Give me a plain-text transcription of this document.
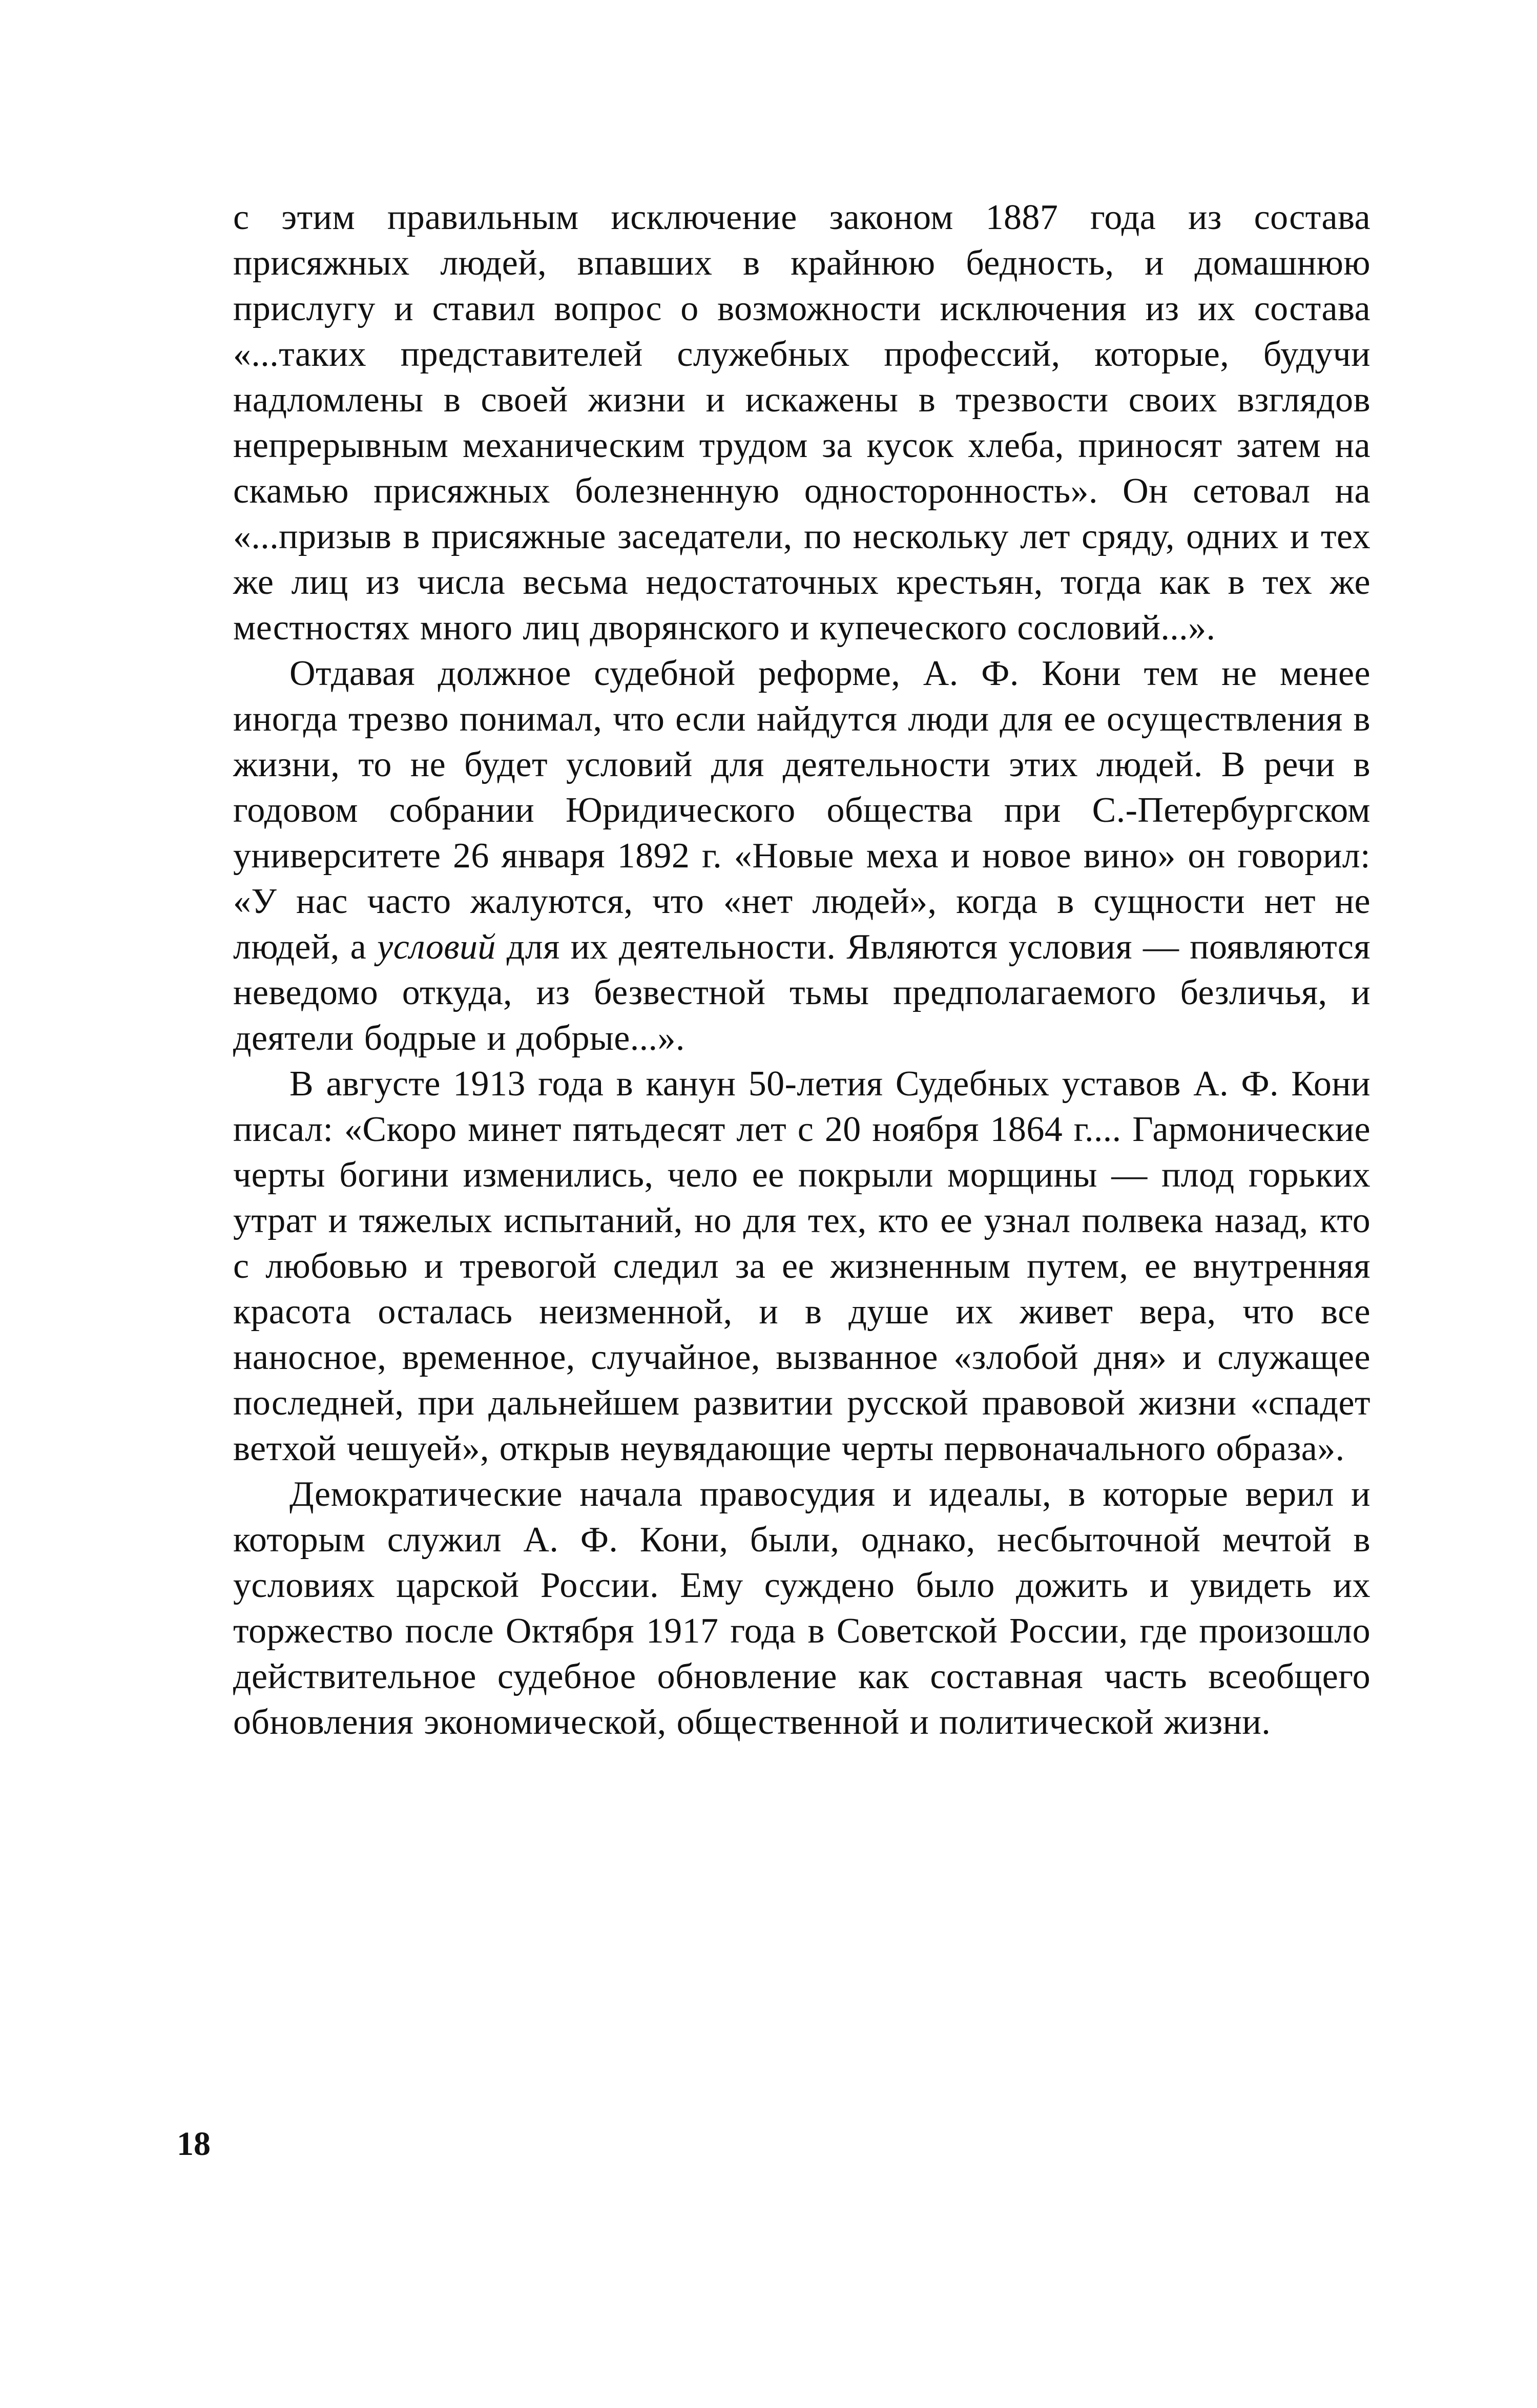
с этим правильным исключение законом 1887 года из состава присяжных людей, впавших в крайнюю бедность, и домашнюю прислугу и ставил вопрос о возможности исключения из их состава «...таких представителей служебных профессий, которые, будучи надломлены в своей жизни и искажены в трезвости своих взглядов непрерывным механическим трудом за кусок хлеба, приносят затем на скамью присяжных болезненную односторонность». Он сетовал на «...призыв в присяжные заседатели, по нескольку лет сряду, одних и тех же лиц из числа весьма недостаточных крестьян, тогда как в тех же местностях много лиц дворянского и купеческого сословий...».

Отдавая должное судебной реформе, А. Ф. Кони тем не менее иногда трезво понимал, что если найдутся люди для ее осуществления в жизни, то не будет условий для деятельности этих людей. В речи в годовом собрании Юридического общества при С.-Петербургском университете 26 января 1892 г. «Новые меха и новое вино» он говорил: «У нас часто жалуются, что «нет людей», когда в сущности нет не людей, а условий для их деятельности. Являются условия — появляются неведомо откуда, из безвестной тьмы предполагаемого безличья, и деятели бодрые и добрые...».

В августе 1913 года в канун 50-летия Судебных уставов А. Ф. Кони писал: «Скоро минет пятьдесят лет с 20 ноября 1864 г.... Гармонические черты богини изменились, чело ее покрыли морщины — плод горьких утрат и тяжелых испытаний, но для тех, кто ее узнал полвека назад, кто с любовью и тревогой следил за ее жизненным путем, ее внутренняя красота осталась неизменной, и в душе их живет вера, что все наносное, временное, случайное, вызванное «злобой дня» и служащее последней, при дальнейшем развитии русской правовой жизни «спадет ветхой чешуей», открыв неувядающие черты первоначального образа».

Демократические начала правосудия и идеалы, в которые верил и которым служил А. Ф. Кони, были, однако, несбыточной мечтой в условиях царской России. Ему суждено было дожить и увидеть их торжество после Октября 1917 года в Советской России, где произошло действительное судебное обновление как составная часть всеобщего обновления экономической, общественной и политической жизни.

18
